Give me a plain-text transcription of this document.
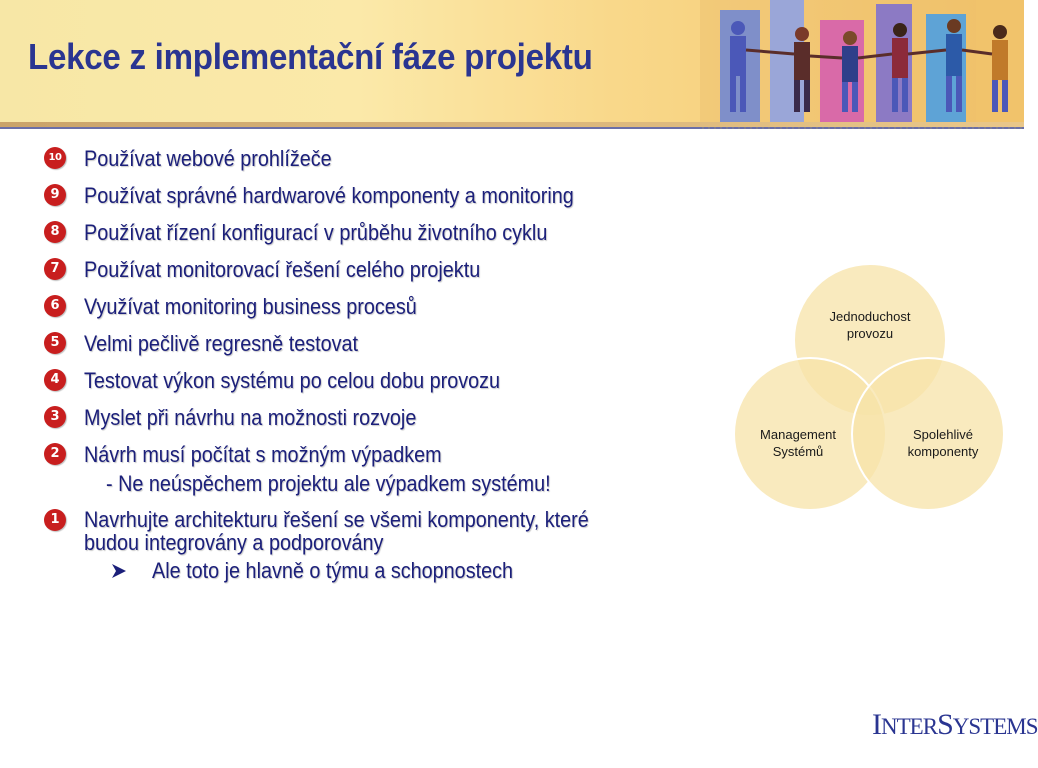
Lekce z implementační fáze projektu
10 Používat webové prohlížeče
9 Používat správné hardwarové komponenty a monitoring
8 Používat řízení konfigurací v průběhu životního cyklu
7 Používat monitorovací řešení celého projektu
6 Využívat monitoring business procesů
5 Velmi pečlivě regresně testovat
4 Testovat výkon systému po celou dobu provozu
3 Myslet při návrhu na možnosti rozvoje
2 Návrh musí počítat s možným výpadkem
- Ne neúspěchem projektu ale výpadkem systému!
1 Navrhujte architekturu řešení se všemi komponenty, které budou integrovány a podporovány
Ale toto je hlavně o týmu a schopnostech
Jednoduchost
provozu
Management
Systémů
Spolehlivé
komponenty
INTERSYSTEMS
